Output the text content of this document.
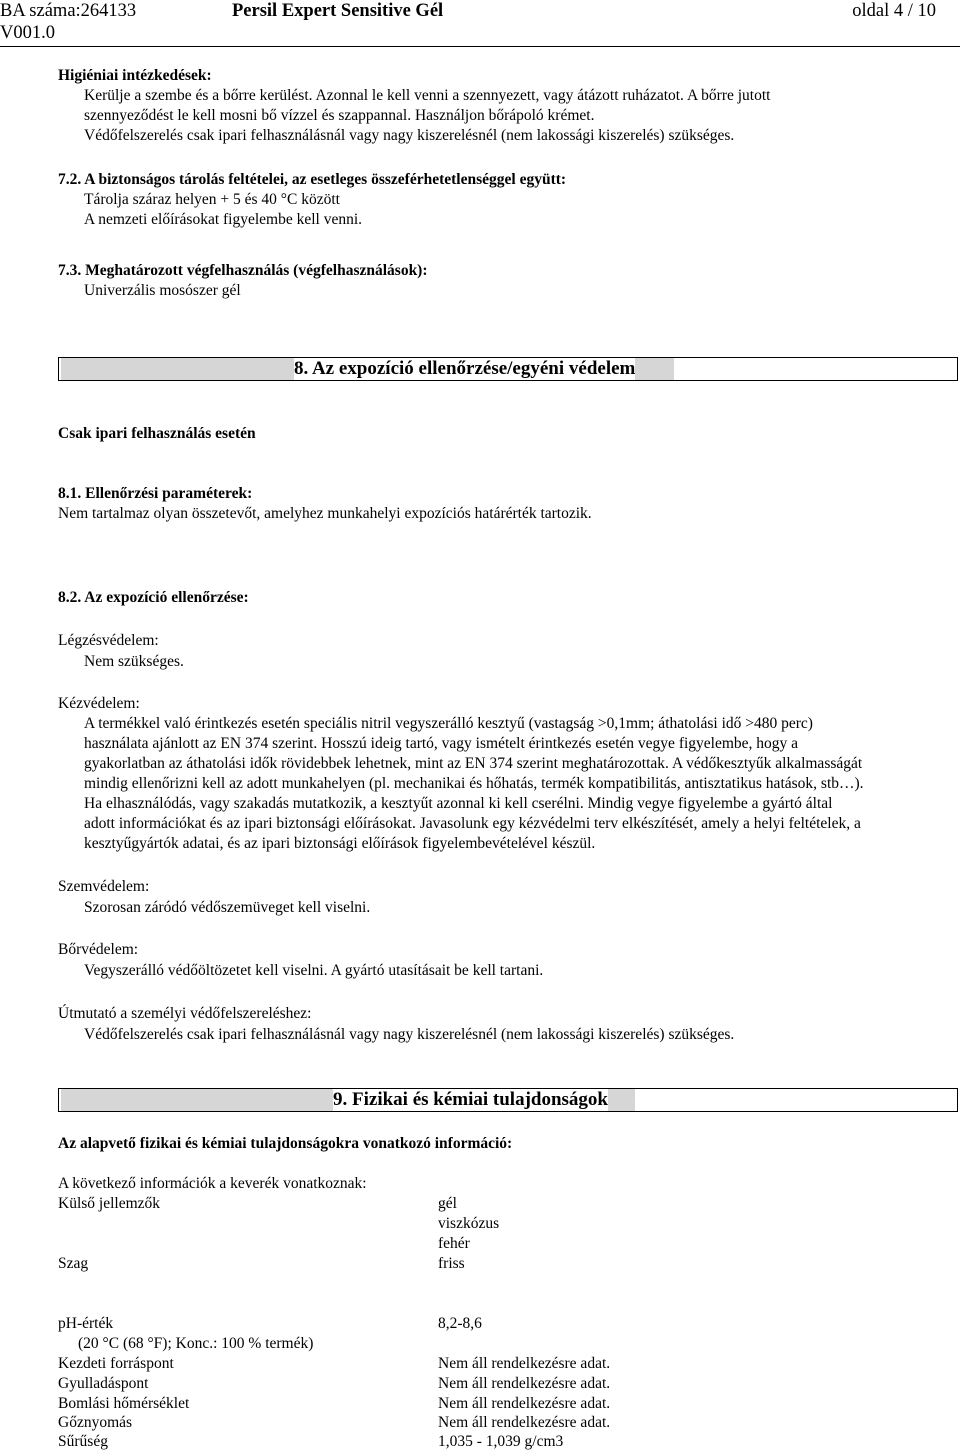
BA száma:264133
V001.0
Persil Expert Sensitive Gél	oldal 4 / 10
Higiéniai intézkedések:
Kerülje a szembe és a bőrre kerülést. Azonnal le kell venni a szennyezett, vagy átázott ruházatot. A bőrre jutott
szennyeződést le kell mosni bő vízzel és szappannal. Használjon bőrápoló krémet.
Védőfelszerelés csak ipari felhasználásnál vagy nagy kiszerelésnél (nem lakossági kiszerelés) szükséges.
7.2. A biztonságos tárolás feltételei, az esetleges összeférhetetlenséggel együtt:
Tárolja száraz helyen + 5 és 40 °C között
A nemzeti előírásokat figyelembe kell venni.
7.3. Meghatározott végfelhasználás (végfelhasználások):
Univerzális mosószer gél
8. Az expozíció ellenőrzése/egyéni védelem
Csak ipari felhasználás esetén
8.1. Ellenőrzési paraméterek:
Nem tartalmaz olyan összetevőt, amelyhez munkahelyi expozíciós határérték tartozik.
8.2. Az expozíció ellenőrzése:
Légzésvédelem:
Nem szükséges.
Kézvédelem:
A termékkel való érintkezés esetén speciális nitril vegyszerálló kesztyű (vastagság >0,1mm; áthatolási idő >480 perc)
használata ajánlott az EN 374 szerint. Hosszú ideig tartó, vagy ismételt érintkezés esetén vegye figyelembe, hogy a
gyakorlatban az áthatolási idők rövidebbek lehetnek, mint az EN 374 szerint meghatározottak. A védőkesztyűk alkalmasságát
mindig ellenőrizni kell az adott munkahelyen (pl. mechanikai és hőhatás, termék kompatibilitás, antisztatikus hatások, stb…).
Ha elhasználódás, vagy szakadás mutatkozik, a kesztyűt azonnal ki kell cserélni. Mindig vegye figyelembe a gyártó által
adott információkat és az ipari biztonsági előírásokat. Javasolunk egy kézvédelmi terv elkészítését, amely a helyi feltételek, a
kesztyűgyártók adatai, és az ipari biztonsági előírások figyelembevételével készül.
Szemvédelem:
Szorosan záródó védőszemüveget kell viselni.
Bőrvédelem:
Vegyszerálló védőöltözetet kell viselni. A gyártó utasításait be kell tartani.
Útmutató a személyi védőfelszereléshez:
Védőfelszerelés csak ipari felhasználásnál vagy nagy kiszerelésnél (nem lakossági kiszerelés) szükséges.
9. Fizikai és kémiai tulajdonságok
Az alapvető fizikai és kémiai tulajdonságokra vonatkozó információ:
A következő információk a keverék vonatkoznak:
Külső jellemzők	gél
viszkózus
fehér
Szag	friss
pH-érték	8,2-8,6
(20 °C (68 °F); Konc.: 100 % termék)
Kezdeti forráspont	Nem áll rendelkezésre adat.
Gyulladáspont	Nem áll rendelkezésre adat.
Bomlási hőmérséklet	Nem áll rendelkezésre adat.
Gőznyomás	Nem áll rendelkezésre adat.
Sűrűség	1,035 - 1,039 g/cm3
